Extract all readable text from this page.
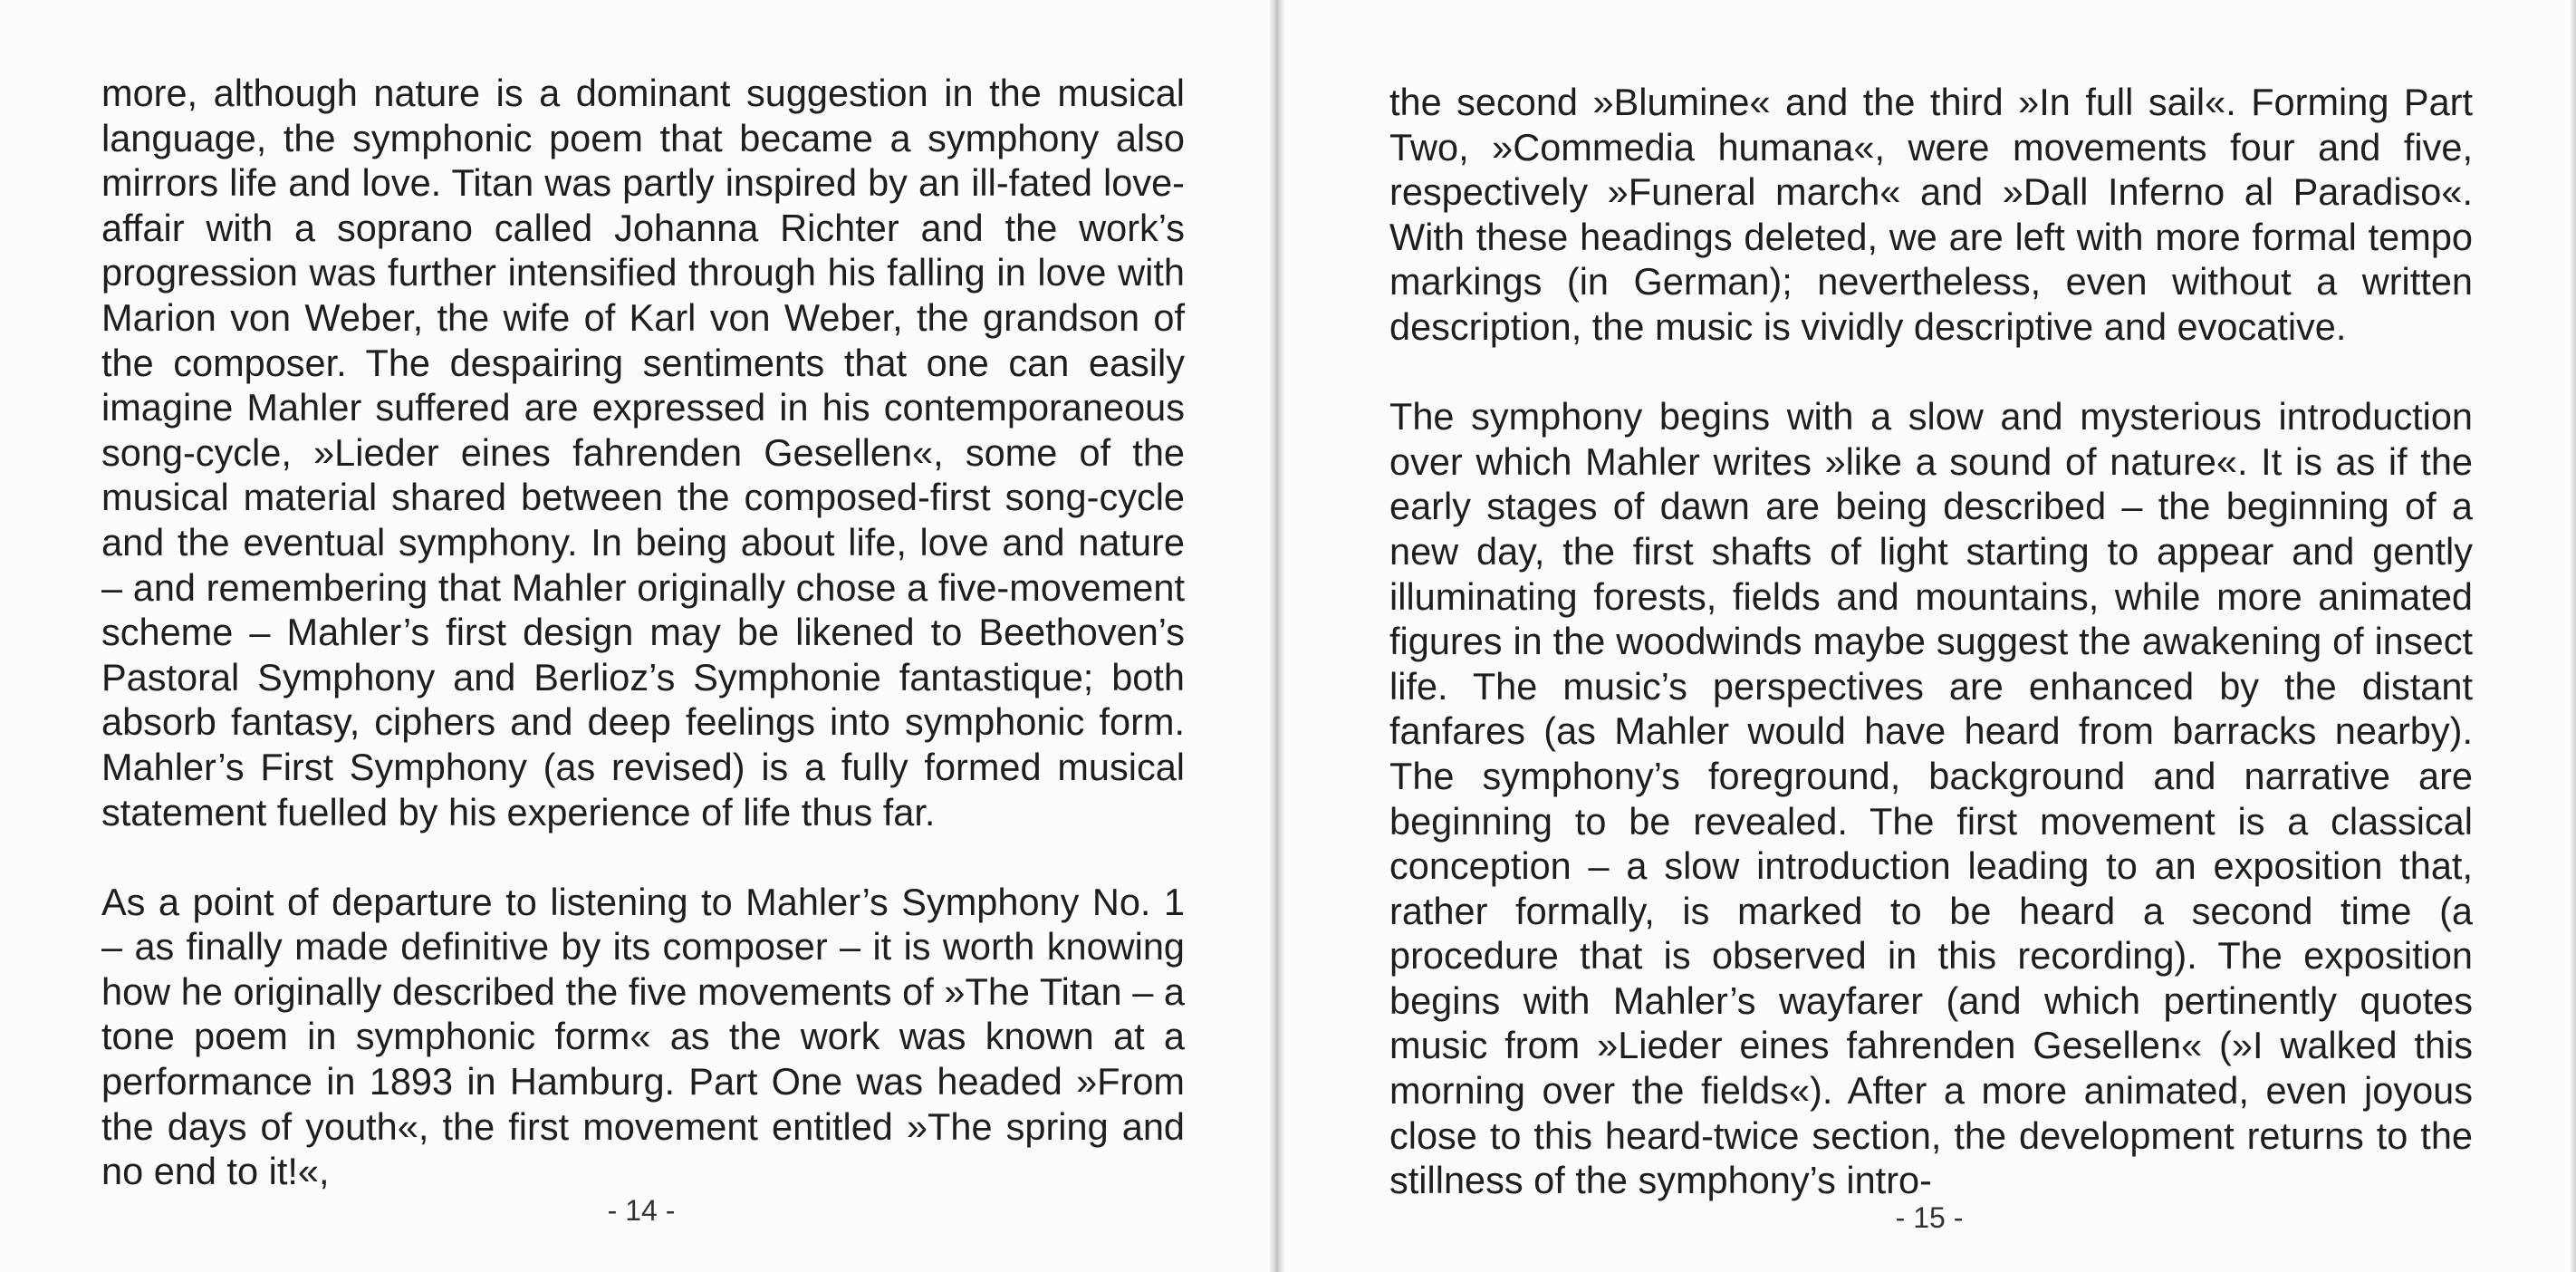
more, although nature is a dominant suggestion in the musical language, the symphonic poem that became a symphony also mirrors life and love. Titan was partly inspired by an ill-fated love-affair with a soprano called Johanna Richter and the work’s progression was further intensified through his falling in love with Marion von Weber, the wife of Karl von Weber, the grandson of the composer. The despairing sentiments that one can easily imagine Mahler suffered are expressed in his contemporaneous song-cycle, »Lieder eines fahrenden Gesellen«, some of the musical material shared between the composed-first song-cycle and the eventual symphony. In being about life, love and nature – and remembering that Mahler originally chose a five-movement scheme – Mahler’s first design may be likened to Beethoven’s Pastoral Symphony and Berlioz’s Symphonie fantastique; both absorb fantasy, ciphers and deep feelings into symphonic form. Mahler’s First Symphony (as revised) is a fully formed musical statement fuelled by his experience of life thus far.

As a point of departure to listening to Mahler’s Symphony No. 1 – as finally made definitive by its composer – it is worth knowing how he originally described the five movements of »The Titan – a tone poem in symphonic form« as the work was known at a performance in 1893 in Hamburg. Part One was headed »From the days of youth«, the first movement entitled »The spring and no end to it!«,

- 14 -

the second »Blumine« and the third »In full sail«. Forming Part Two, »Commedia humana«, were movements four and five, respectively »Funeral march« and »Dall Inferno al Paradiso«. With these headings deleted, we are left with more formal tempo markings (in German); nevertheless, even without a written description, the music is vividly descriptive and evocative.

The symphony begins with a slow and mysterious introduction over which Mahler writes »like a sound of nature«. It is as if the early stages of dawn are being described – the beginning of a new day, the first shafts of light starting to appear and gently illuminating forests, fields and mountains, while more animated figures in the woodwinds maybe suggest the awakening of insect life. The music’s perspectives are enhanced by the distant fanfares (as Mahler would have heard from barracks nearby). The symphony’s foreground, background and narrative are beginning to be revealed. The first movement is a classical conception – a slow introduction leading to an exposition that, rather formally, is marked to be heard a second time (a procedure that is observed in this recording). The exposition begins with Mahler’s wayfarer (and which pertinently quotes music from »Lieder eines fahrenden Gesellen« (»I walked this morning over the fields«). After a more animated, even joyous close to this heard-twice section, the development returns to the stillness of the symphony’s intro-

- 15 -
